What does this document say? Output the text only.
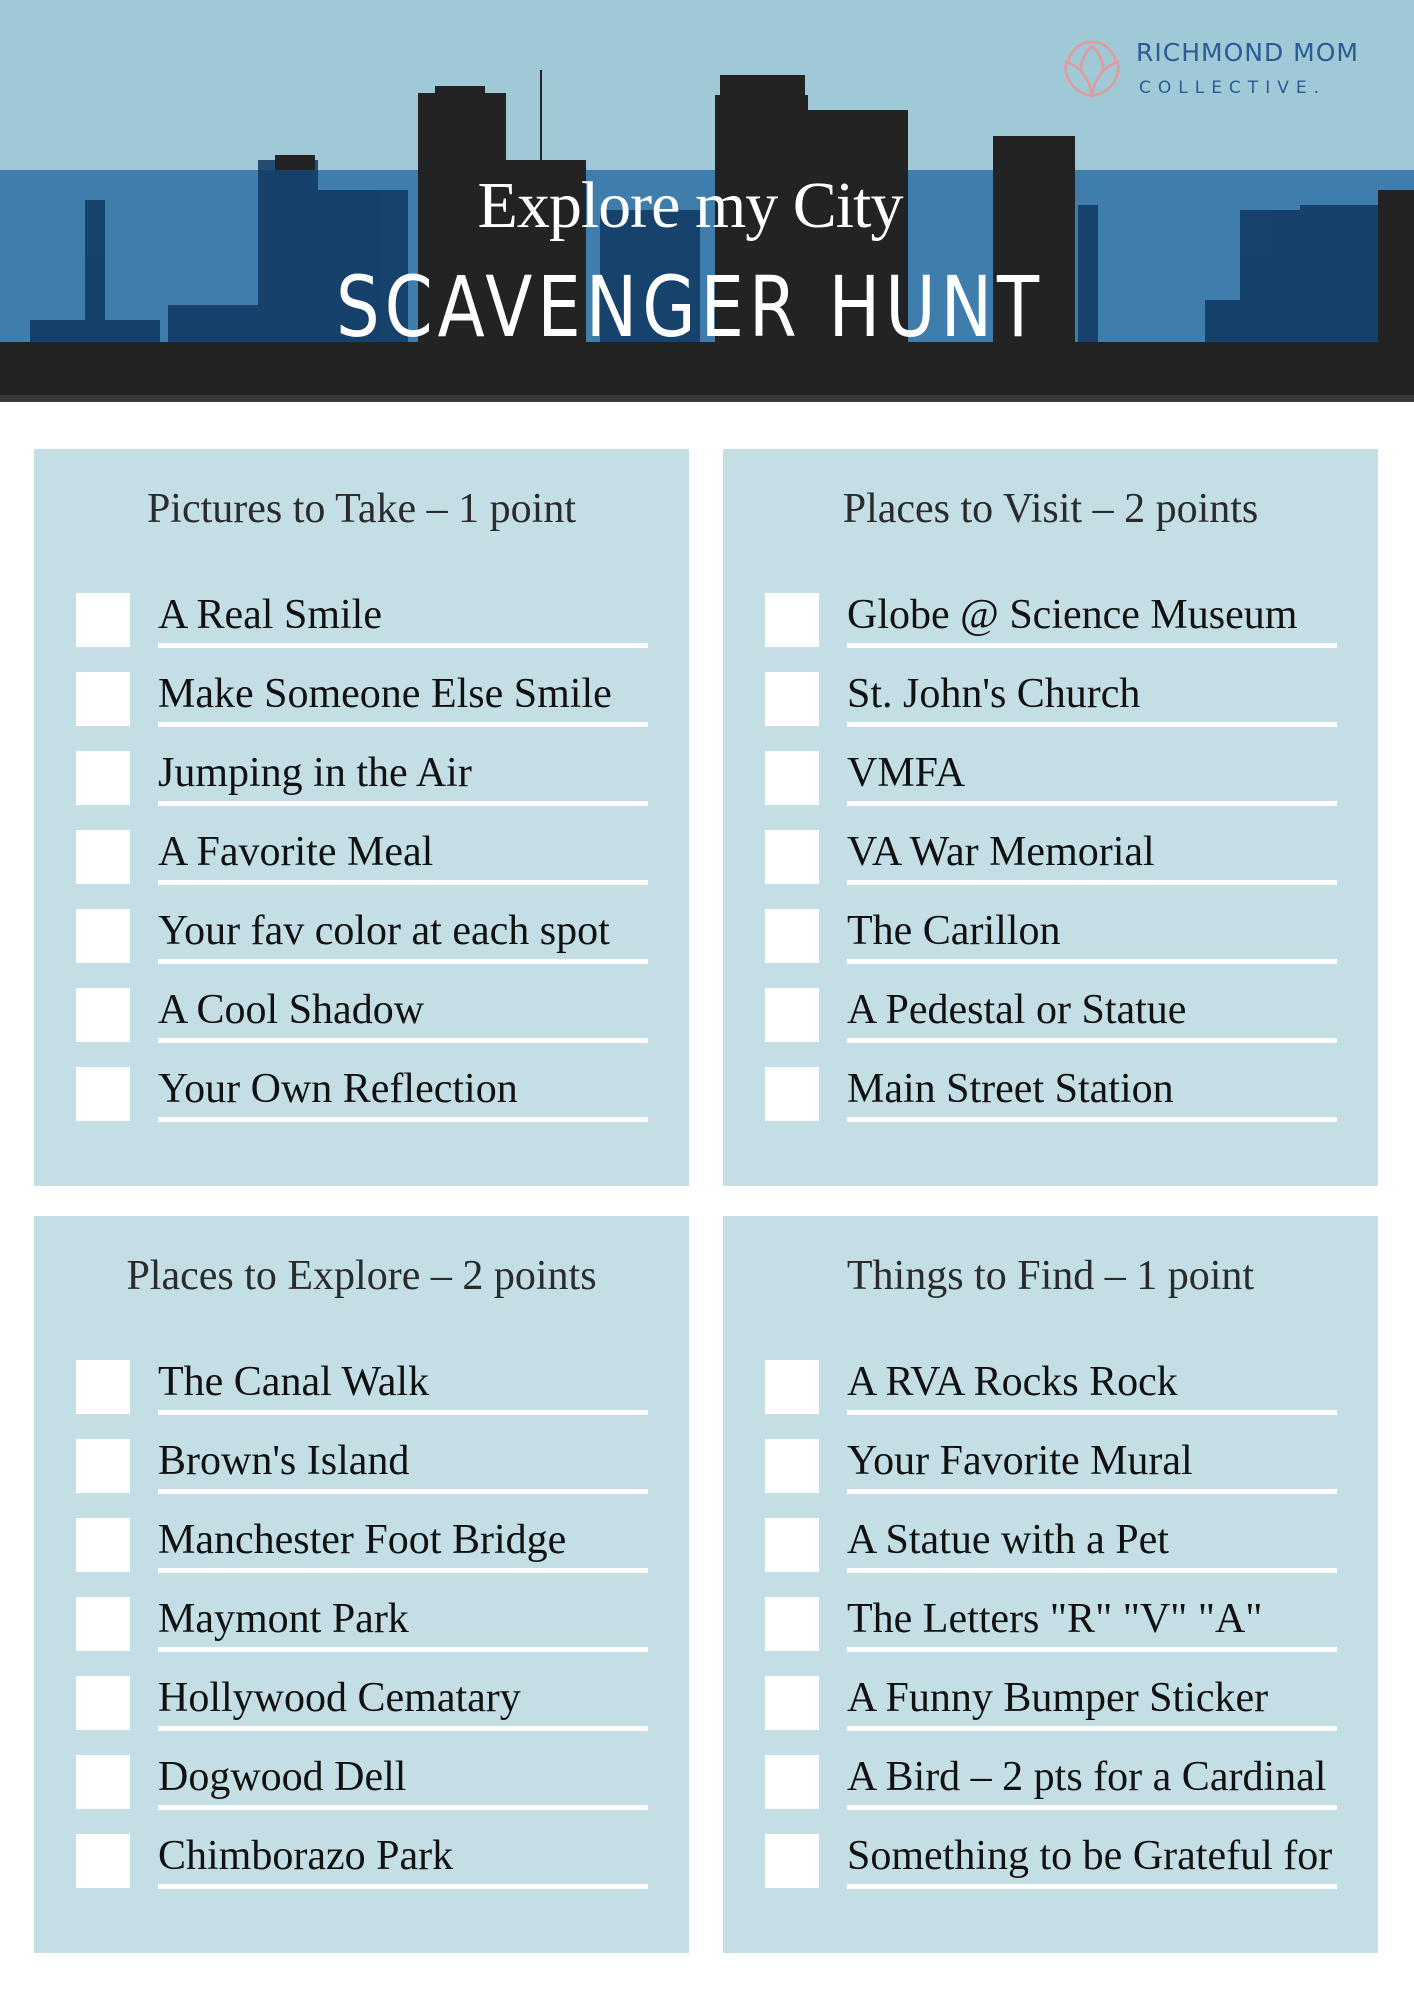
Explore my City
SCAVENGER HUNT
RICHMOND MOM
COLLECTIVE.
Pictures to Take – 1 point
A Real Smile
Make Someone Else Smile
Jumping in the Air
A Favorite Meal
Your fav color at each spot
A Cool Shadow
Your Own Reflection
Places to Visit – 2 points
Globe @ Science Museum
St. John's Church
VMFA
VA War Memorial
The Carillon
A Pedestal or Statue
Main Street Station
Places to Explore – 2 points
The Canal Walk
Brown's Island
Manchester Foot Bridge
Maymont Park
Hollywood Cematary
Dogwood Dell
Chimborazo Park
Things to Find – 1 point
A RVA Rocks Rock
Your Favorite Mural
A Statue with a Pet
The Letters "R" "V" "A"
A Funny Bumper Sticker
A Bird – 2 pts for a Cardinal
Something to be Grateful for
